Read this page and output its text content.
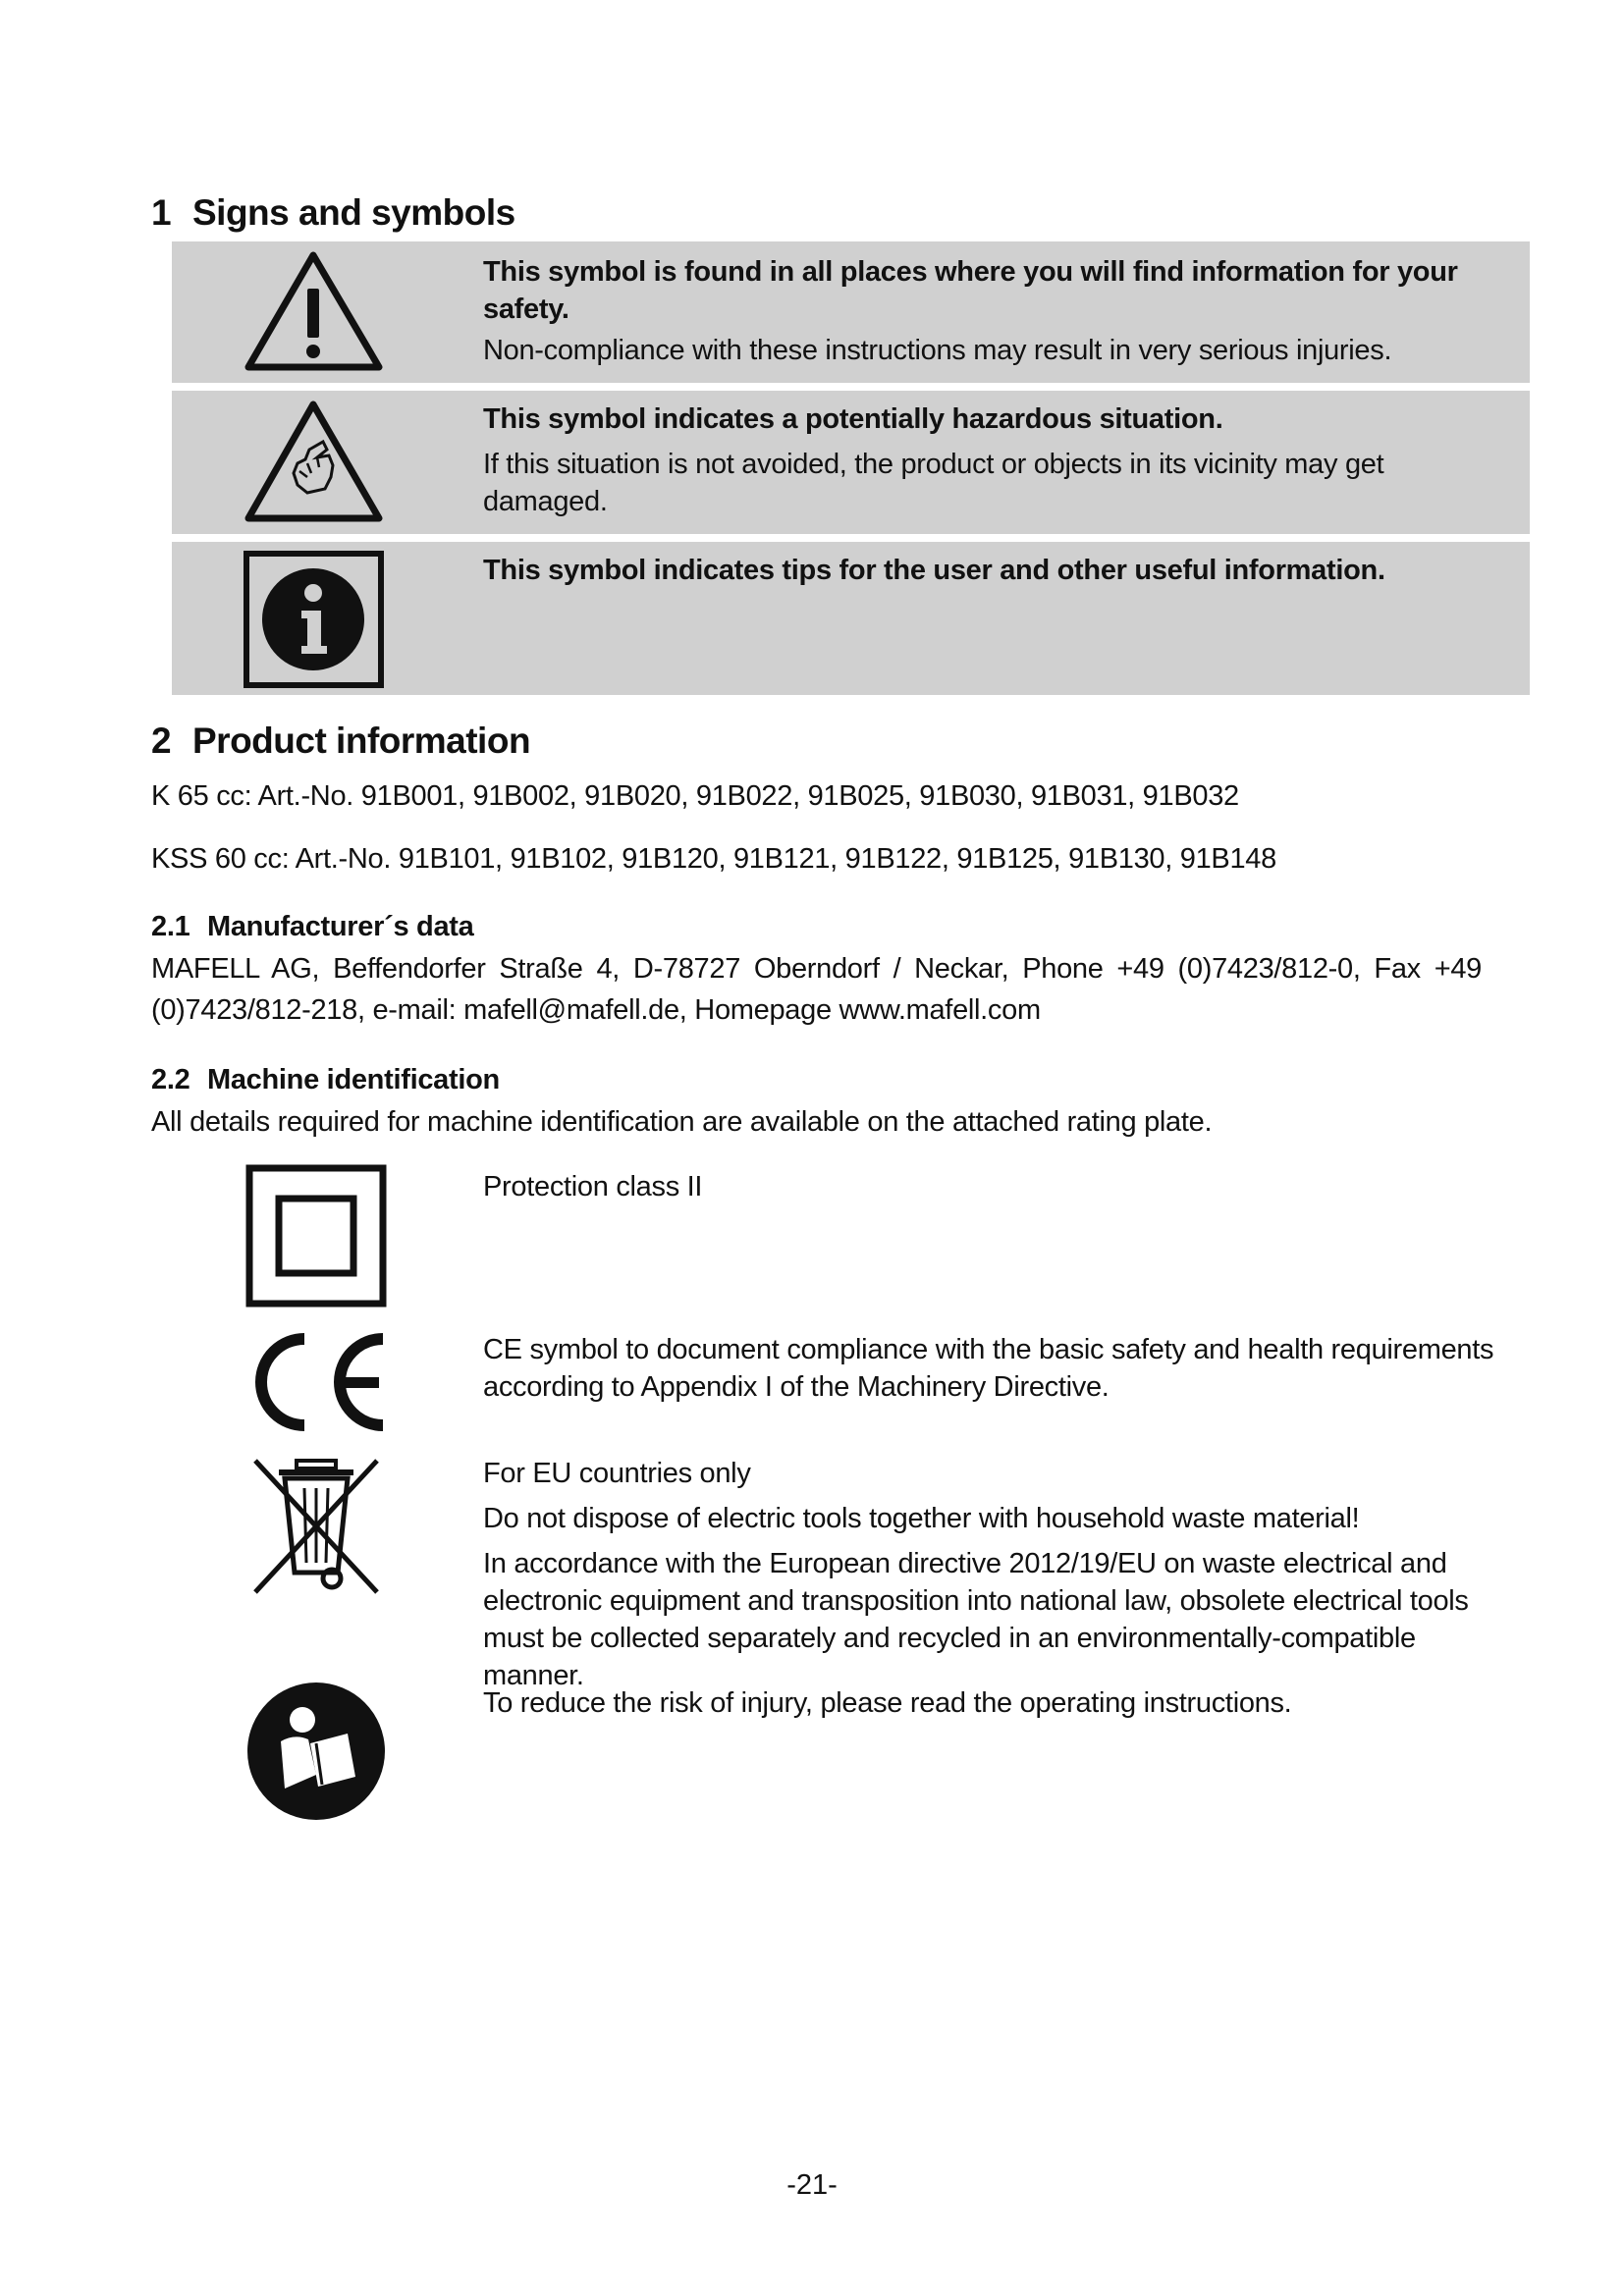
1 Signs and symbols
This symbol is found in all places where you will find information for your safety.
Non-compliance with these instructions may result in very serious injuries.
This symbol indicates a potentially hazardous situation.
If this situation is not avoided, the product or objects in its vicinity may get damaged.
This symbol indicates tips for the user and other useful information.
2 Product information

K 65 cc: Art.-No. 91B001, 91B002, 91B020, 91B022, 91B025, 91B030, 91B031, 91B032

KSS 60 cc: Art.-No. 91B101, 91B102, 91B120, 91B121, 91B122, 91B125, 91B130, 91B148

2.1 Manufacturer´s data

MAFELL AG, Beffendorfer Straße 4, D-78727 Oberndorf / Neckar, Phone +49 (0)7423/812-0, Fax +49 (0)7423/812-218, e-mail: mafell@mafell.de, Homepage www.mafell.com

2.2 Machine identification

All details required for machine identification are available on the attached rating plate.

Protection class II

CE symbol to document compliance with the basic safety and health requirements according to Appendix I of the Machinery Directive.

For EU countries only

Do not dispose of electric tools together with household waste material!

In accordance with the European directive 2012/19/EU on waste electrical and electronic equipment and transposition into national law, obsolete electrical tools must be collected separately and recycled in an environmentally-compatible manner.

To reduce the risk of injury, please read the operating instructions.

-21-
